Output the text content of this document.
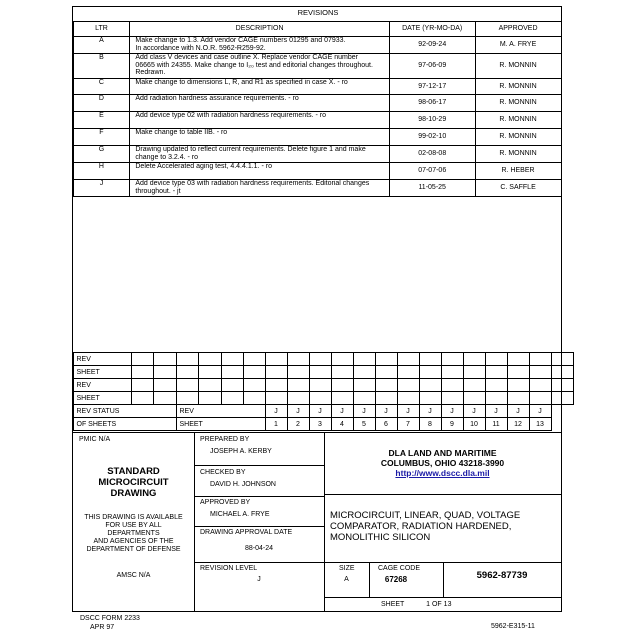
REVISIONS
LTR	DESCRIPTION	DATE (YR-MO-DA)	APPROVED
A	Make change to 1.3. Add vendor CAGE numbers 01295 and 07933.
In accordance with N.O.R. 5962-R259-92.	92-09-24	M. A. FRYE
B	Add class V devices and case outline X. Replace vendor CAGE number
06665 with 24355. Make change to I₂₀ test and editorial changes throughout.
Redrawn.	97-06-09	R. MONNIN
C	Make change to dimensions L, R, and R1 as specified in case X. - ro	97-12-17	R. MONNIN
D	Add radiation hardness assurance requirements. - ro	98-06-17	R. MONNIN
E	Add device type 02 with radiation hardness requirements. - ro	98-10-29	R. MONNIN
F	Make change to table IIB. - ro	99-02-10	R. MONNIN
G	Drawing updated to reflect current requirements. Delete figure 1 and make
change to 3.2.4. - ro	02-08-08	R. MONNIN
H	Delete Accelerated aging test, 4.4.4.1.1. - ro	07-07-06	R. HEBER
J	Add device type 03 with radiation hardness requirements. Editorial changes
throughout. - jt	11-05-25	C. SAFFLE
REV																				
SHEET																				
REV																				
SHEET																				
REV STATUS			REV				J	J	J	J	J	J	J	J	J	J	J	J	J	
OF SHEETS			SHEET				1	2	3	4	5	6	7	8	9	10	11	12	13	
PMIC N/A
STANDARD
MICROCIRCUIT
DRAWING
THIS DRAWING IS AVAILABLE
FOR USE BY ALL
DEPARTMENTS
AND AGENCIES OF THE
DEPARTMENT OF DEFENSE
AMSC N/A
PREPARED BY
JOSEPH A. KERBY
CHECKED BY
DAVID H. JOHNSON
APPROVED BY
MICHAEL A. FRYE
DRAWING APPROVAL DATE
88-04-24
REVISION LEVEL
J
DLA LAND AND MARITIME
COLUMBUS, OHIO 43218-3990
http://www.dscc.dla.mil
MICROCIRCUIT, LINEAR, QUAD, VOLTAGE
COMPARATOR, RADIATION HARDENED,
MONOLITHIC SILICON
SIZE
A
CAGE CODE
67268	5962-87739
SHEET	1 OF 13
DSCC FORM 2233
APR 97	5962-E315-11
